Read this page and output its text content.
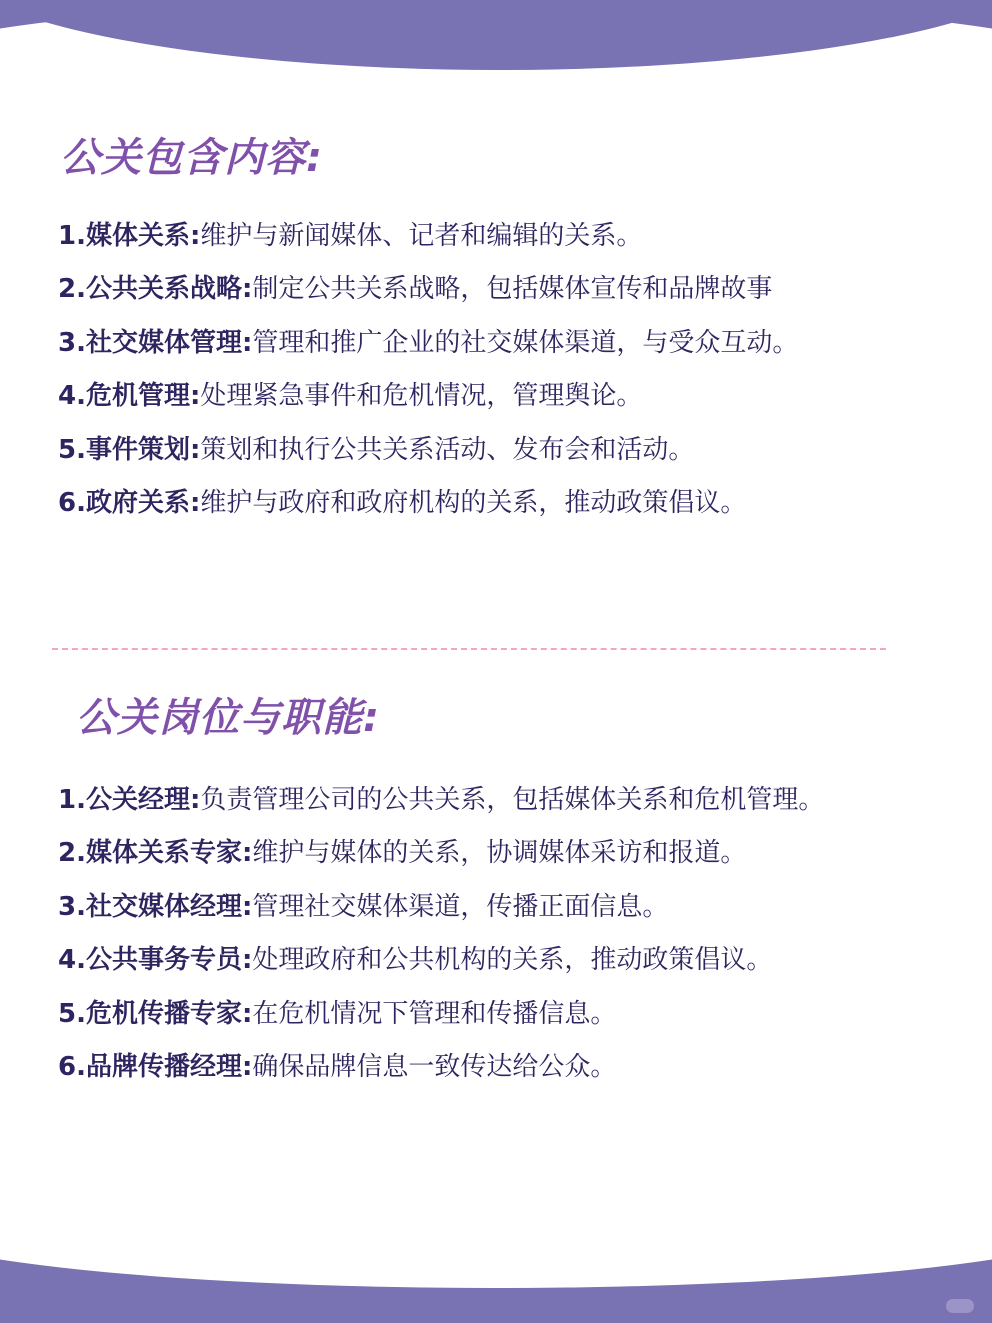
公关包含内容:
1.媒体关系:维护与新闻媒体、记者和编辑的关系。
2.公共关系战略:制定公共关系战略，包括媒体宣传和品牌故事
3.社交媒体管理:管理和推广企业的社交媒体渠道，与受众互动。
4.危机管理:处理紧急事件和危机情况，管理舆论。
5.事件策划:策划和执行公共关系活动、发布会和活动。
6.政府关系:维护与政府和政府机构的关系，推动政策倡议。
公关岗位与职能:
1.公关经理:负责管理公司的公共关系，包括媒体关系和危机管理。
2.媒体关系专家:维护与媒体的关系，协调媒体采访和报道。
3.社交媒体经理:管理社交媒体渠道，传播正面信息。
4.公共事务专员:处理政府和公共机构的关系，推动政策倡议。
5.危机传播专家:在危机情况下管理和传播信息。
6.品牌传播经理:确保品牌信息一致传达给公众。
